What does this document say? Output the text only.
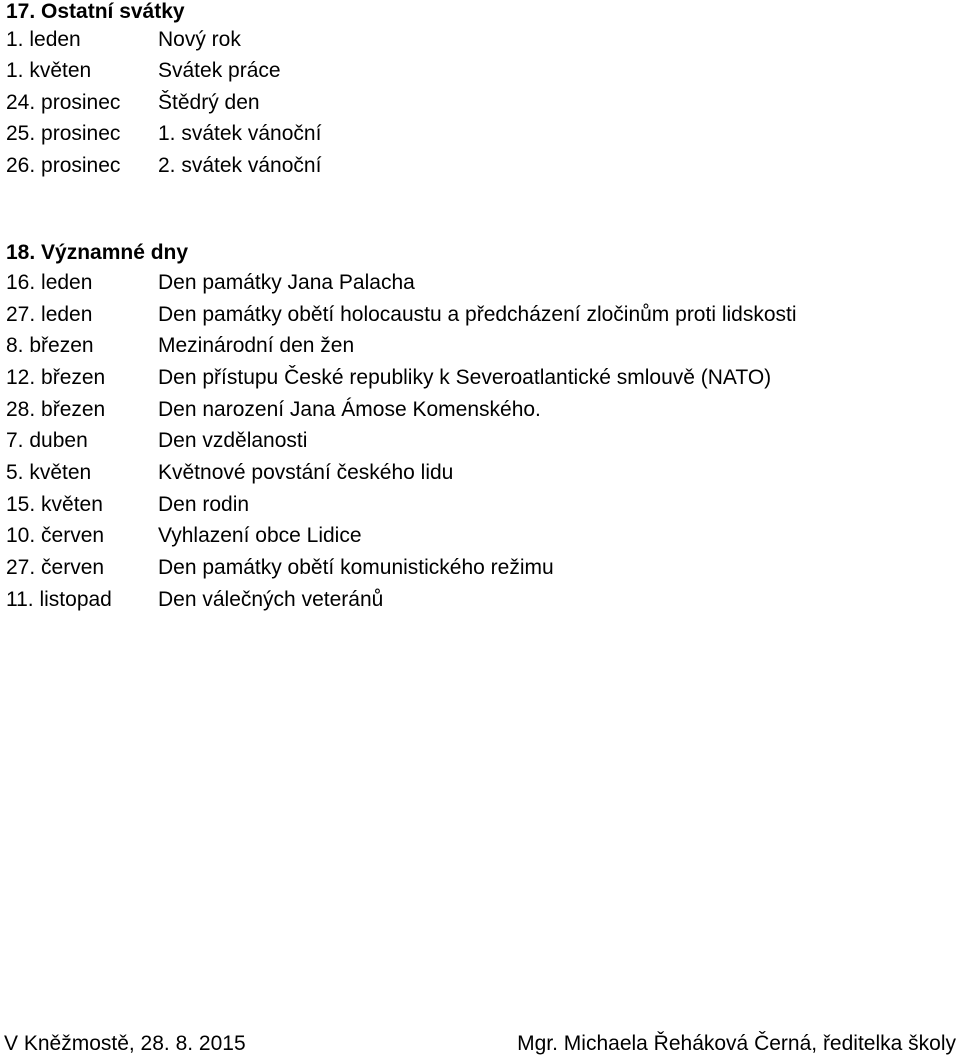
17. Ostatní svátky
1. leden	Nový rok
1. květen	Svátek práce
24. prosinec	Štědrý den
25. prosinec	1. svátek vánoční
26. prosinec	2. svátek vánoční
18. Významné dny
16. leden	Den památky Jana Palacha
27. leden	Den památky obětí holocaustu a předcházení zločinům proti lidskosti
8. březen	Mezinárodní den žen
12. březen	Den přístupu České republiky k Severoatlantické smlouvě (NATO)
28. březen	Den narození Jana Ámose Komenského.
7. duben	Den vzdělanosti
5. květen	Květnové povstání českého lidu
15. květen	Den rodin
10. červen	Vyhlazení obce Lidice
27. červen	Den památky obětí komunistického režimu
11. listopad	Den válečných veteránů
V Kněžmostě, 28. 8. 2015	Mgr. Michaela Řeháková Černá, ředitelka školy
